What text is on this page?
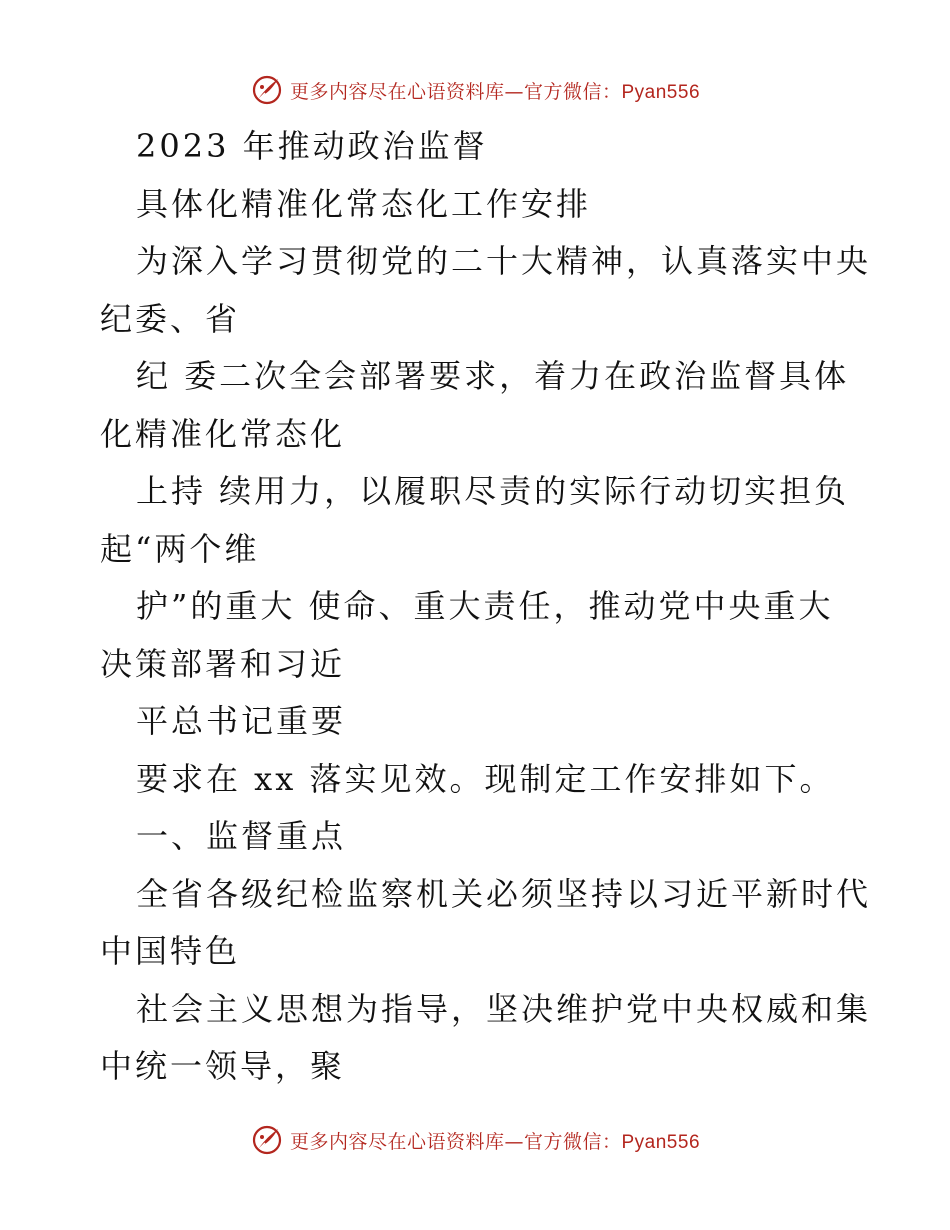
更多内容尽在心语资料库—官方微信：Pyan556
2023 年推动政治监督
具体化精准化常态化工作安排
为深入学习贯彻党的二十大精神，认真落实中央
纪委、省
纪 委二次全会部署要求，着力在政治监督具体
化精准化常态化
上持 续用力，以履职尽责的实际行动切实担负
起“两个维
护”的重大 使命、重大责任，推动党中央重大
决策部署和习近
平总书记重要
要求在 xx 落实见效。现制定工作安排如下。
一、监督重点
全省各级纪检监察机关必须坚持以习近平新时代
中国特色
社会主义思想为指导，坚决维护党中央权威和集
中统一领导，聚
更多内容尽在心语资料库—官方微信：Pyan556
